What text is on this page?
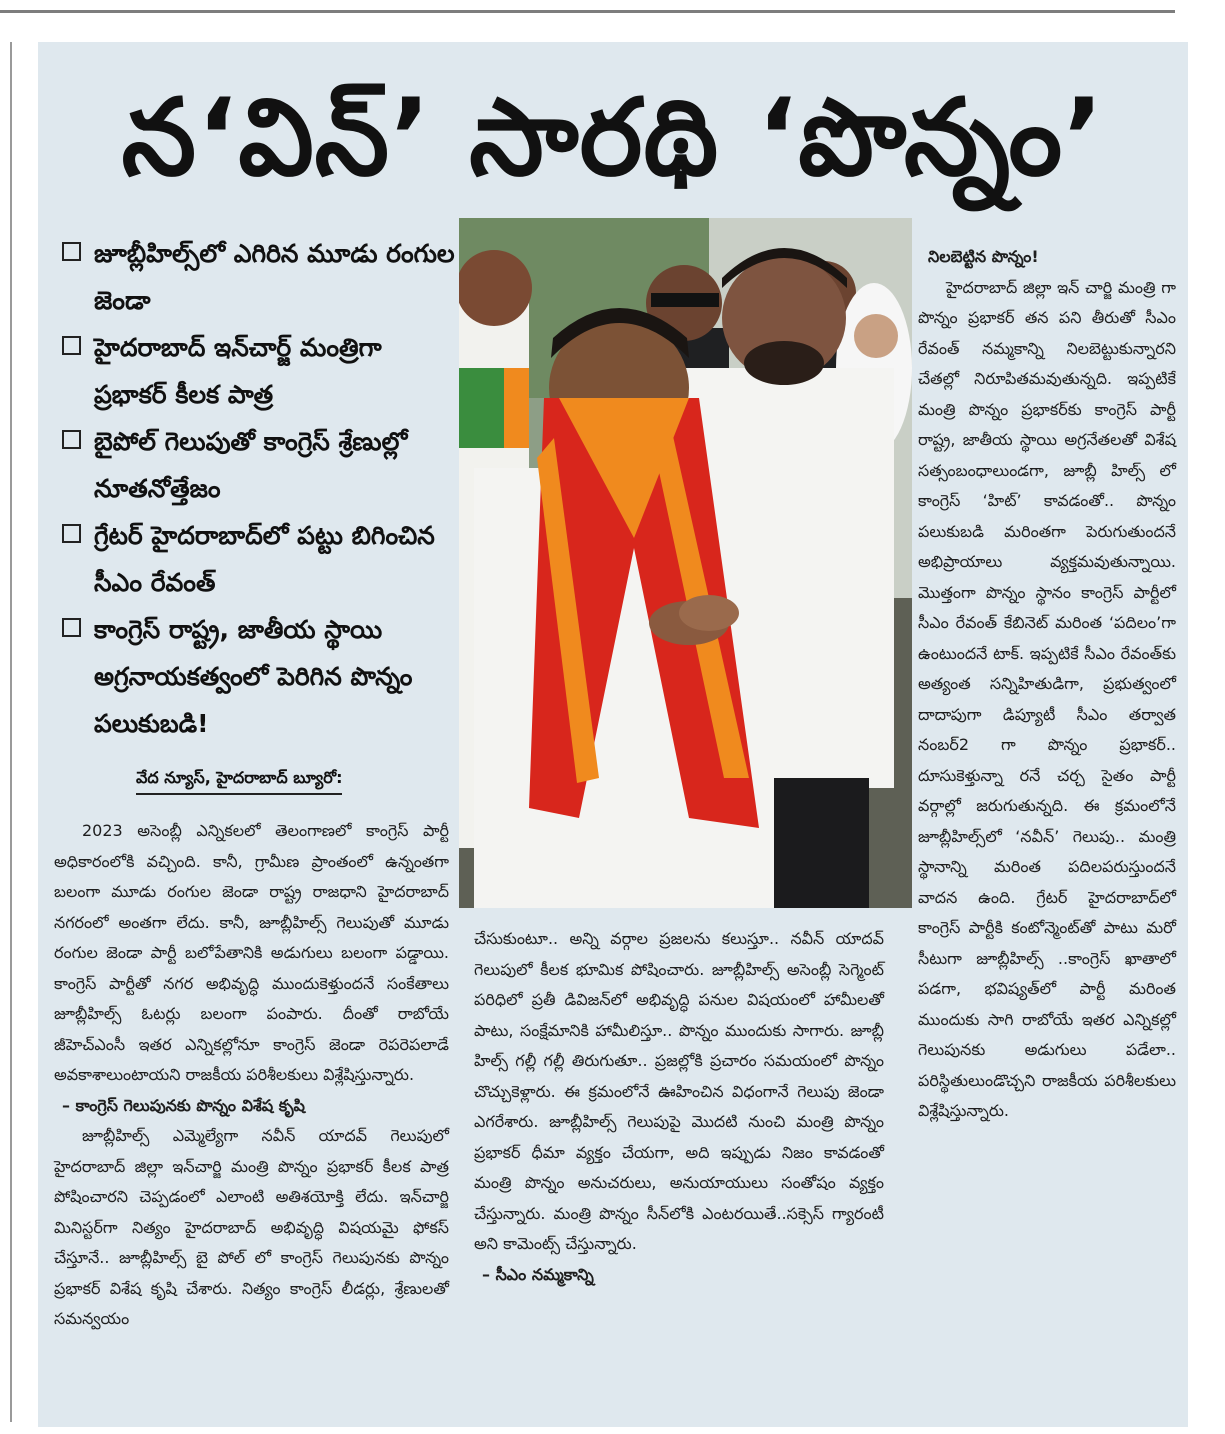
న‘విన్’ సారథి ‘పొన్నం’
జూబ్లీహిల్స్‌లో ఎగిరిన మూడు రంగుల జెండా
హైదరాబాద్ ఇన్‌చార్జ్ మంత్రిగా ప్రభాకర్ కీలక పాత్ర
బైపోల్ గెలుపుతో కాంగ్రెస్ శ్రేణుల్లో నూతనోత్తేజం
గ్రేటర్ హైదరాబాద్‌లో పట్టు బిగించిన సీఎం రేవంత్
కాంగ్రెస్ రాష్ట్ర, జాతీయ స్థాయి అగ్రనాయకత్వంలో పెరిగిన పొన్నం పలుకుబడి!

వేద న్యూస్, హైదరాబాద్ బ్యూరో:

2023 అసెంబ్లీ ఎన్నికలలో తెలంగాణలో కాంగ్రెస్ పార్టీ అధికారంలోకి వచ్చింది. కానీ, గ్రామీణ ప్రాంతంలో ఉన్నంతగా బలంగా మూడు రంగుల జెండా రాష్ట్ర రాజధాని హైదరాబాద్ నగరంలో అంతగా లేదు. కానీ, జూబ్లీహిల్స్ గెలుపుతో మూడు రంగుల జెండా పార్టీ బలోపేతానికి అడుగులు బలంగా పడ్డాయి. కాంగ్రెస్ పార్టీతో నగర అభివృద్ధి ముందుకెళ్తుందనే సంకేతాలు జూబ్లీహిల్స్ ఓటర్లు బలంగా పంపారు. దీంతో రాబోయే జీహెచ్‌ఎంసీ ఇతర ఎన్నికల్లోనూ కాంగ్రెస్ జెండా రెపరెపలాడే అవకాశాలుంటాయని రాజకీయ పరిశీలకులు విశ్లేషిస్తున్నారు.

– కాంగ్రెస్ గెలుపునకు పొన్నం విశేష కృషి

జూబ్లీహిల్స్ ఎమ్మెల్యేగా నవీన్ యాదవ్ గెలుపులో హైదరాబాద్ జిల్లా ఇన్‌చార్జి మంత్రి పొన్నం ప్రభాకర్ కీలక పాత్ర పోషించారని చెప్పడంలో ఎలాంటి అతిశయోక్తి లేదు. ఇన్‌చార్జి మినిస్టర్‌గా నిత్యం హైదరాబాద్ అభివృద్ధి విషయమై ఫోకస్ చేస్తూనే.. జూబ్లీహిల్స్ బై పోల్ లో కాంగ్రెస్ గెలుపునకు పొన్నం ప్రభాకర్ విశేష కృషి చేశారు. నిత్యం కాంగ్రెస్ లీడర్లు, శ్రేణులతో సమన్వయం

చేసుకుంటూ.. అన్ని వర్గాల ప్రజలను కలుస్తూ.. నవీన్ యాదవ్ గెలుపులో కీలక భూమిక పోషించారు. జూబ్లీహిల్స్ అసెంబ్లీ సెగ్మెంట్ పరిధిలో ప్రతీ డివిజన్‌లో అభివృద్ధి పనుల విషయంలో హామీలతో పాటు, సంక్షేమానికి హామీలిస్తూ.. పొన్నం ముందుకు సాగారు. జూబ్లీ హిల్స్ గల్లీ గల్లీ తిరుగుతూ.. ప్రజల్లోకి ప్రచారం సమయంలో పొన్నం చొచ్చుకెళ్లారు. ఈ క్రమంలోనే ఊహించిన విధంగానే గెలుపు జెండా ఎగరేశారు. జూబ్లీహిల్స్ గెలుపుపై మొదటి నుంచి మంత్రి పొన్నం ప్రభాకర్ ధీమా వ్యక్తం చేయగా, అది ఇప్పుడు నిజం కావడంతో మంత్రి పొన్నం అనుచరులు, అనుయాయులు సంతోషం వ్యక్తం చేస్తున్నారు. మంత్రి పొన్నం సీన్‌లోకి ఎంటరయితే..సక్సెస్ గ్యారంటీ అని కామెంట్స్ చేస్తున్నారు.

– సీఎం నమ్మకాన్ని

నిలబెట్టిన పొన్నం!

హైదరాబాద్ జిల్లా ఇన్ చార్జి మంత్రి గా పొన్నం ప్రభాకర్ తన పని తీరుతో సీఎం రేవంత్ నమ్మకాన్ని నిలబెట్టుకున్నారని చేతల్లో నిరూపితమవుతున్నది. ఇప్పటికే మంత్రి పొన్నం ప్రభాకర్‌కు కాంగ్రెస్ పార్టీ రాష్ట్ర, జాతీయ స్థాయి అగ్రనేతలతో విశేష సత్సంబంధాలుండగా, జూబ్లీ హిల్స్ లో కాంగ్రెస్ ‘హిట్’ కావడంతో.. పొన్నం పలుకుబడి మరింతగా పెరుగుతుందనే అభిప్రాయాలు వ్యక్తమవుతున్నాయి. మొత్తంగా పొన్నం స్థానం కాంగ్రెస్ పార్టీలో సీఎం రేవంత్ కేబినెట్ మరింత ‘పదిలం’గా ఉంటుందనే టాక్. ఇప్పటికే సీఎం రేవంత్‌కు అత్యంత సన్నిహితుడిగా, ప్రభుత్వంలో దాదాపుగా డిప్యూటీ సీఎం తర్వాత నంబర్2 గా పొన్నం ప్రభాకర్.. దూసుకెళ్తున్నా రనే చర్చ సైతం పార్టీ వర్గాల్లో జరుగుతున్నది. ఈ క్రమంలోనే జూబ్లీహిల్స్‌లో ‘నవీన్’ గెలుపు.. మంత్రి స్థానాన్ని మరింత పదిలపరుస్తుందనే వాదన ఉంది. గ్రేటర్ హైదరాబాద్‌లో కాంగ్రెస్ పార్టీకి కంటోన్మెంట్‌తో పాటు మరో సీటుగా జూబ్లీహిల్స్ ..కాంగ్రెస్ ఖాతాలో పడగా, భవిష్యత్‌లో పార్టీ మరింత ముందుకు సాగి రాబోయే ఇతర ఎన్నికల్లో గెలుపునకు అడుగులు పడేలా.. పరిస్థితులుండొచ్చని రాజకీయ పరిశీలకులు విశ్లేషిస్తున్నారు.
